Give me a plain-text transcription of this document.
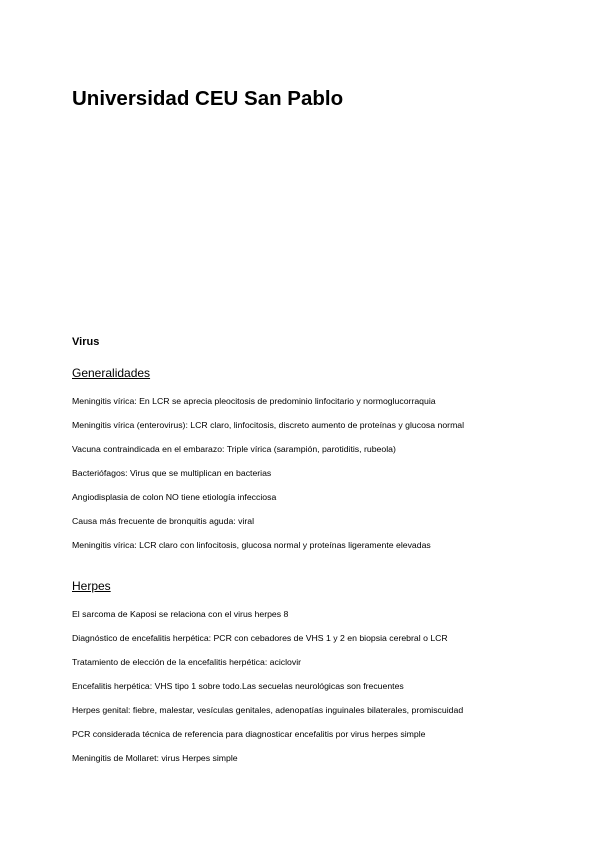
Universidad CEU San Pablo
Virus
Generalidades
Meningitis vírica: En LCR se aprecia pleocitosis de predominio linfocitario y normoglucorraquia
Meningitis vírica (enterovirus): LCR claro, linfocitosis, discreto aumento de proteínas y glucosa normal
Vacuna contraindicada en el embarazo: Triple vírica (sarampión, parotiditis, rubeola)
Bacteriófagos: Virus que se multiplican en bacterias
Angiodisplasia de colon NO tiene etiología infecciosa
Causa más frecuente de bronquitis aguda: viral
Meningitis vírica: LCR claro con linfocitosis, glucosa normal y proteínas ligeramente elevadas
Herpes
El sarcoma de Kaposi se relaciona con el virus herpes 8
Diagnóstico de encefalitis herpética: PCR con cebadores de VHS 1 y 2 en biopsia cerebral o LCR
Tratamiento de elección de la encefalitis herpética: aciclovir
Encefalitis herpética: VHS tipo 1 sobre todo.Las secuelas neurológicas son frecuentes
Herpes genital: fiebre, malestar, vesículas genitales, adenopatías inguinales bilaterales, promiscuidad
PCR considerada técnica de referencia para diagnosticar encefalitis por virus herpes simple
Meningitis de Mollaret: virus Herpes simple
